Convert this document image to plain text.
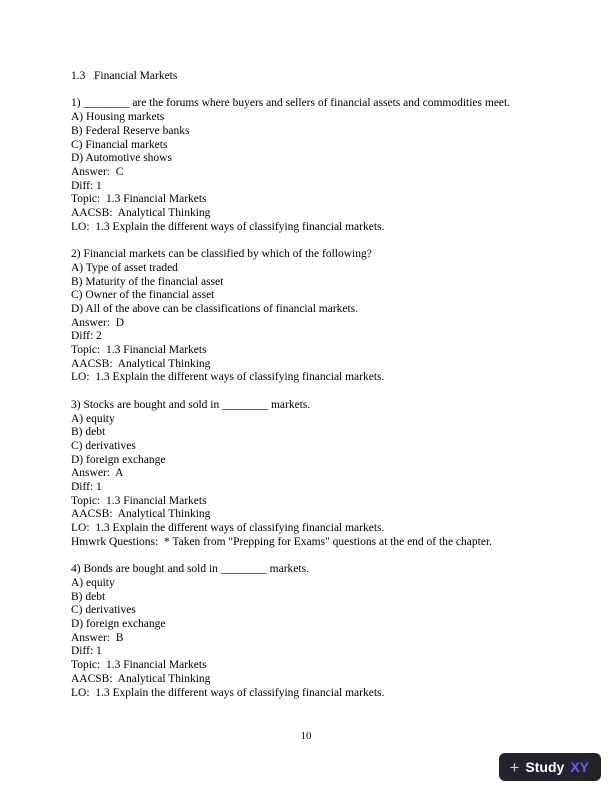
1.3   Financial Markets
1) ________ are the forums where buyers and sellers of financial assets and commodities meet.
A) Housing markets
B) Federal Reserve banks
C) Financial markets
D) Automotive shows
Answer:  C
Diff: 1
Topic:  1.3 Financial Markets
AACSB:  Analytical Thinking
LO:  1.3 Explain the different ways of classifying financial markets.
2) Financial markets can be classified by which of the following?
A) Type of asset traded
B) Maturity of the financial asset
C) Owner of the financial asset
D) All of the above can be classifications of financial markets.
Answer:  D
Diff: 2
Topic:  1.3 Financial Markets
AACSB:  Analytical Thinking
LO:  1.3 Explain the different ways of classifying financial markets.
3) Stocks are bought and sold in ________ markets.
A) equity
B) debt
C) derivatives
D) foreign exchange
Answer:  A
Diff: 1
Topic:  1.3 Financial Markets
AACSB:  Analytical Thinking
LO:  1.3 Explain the different ways of classifying financial markets.
Hmwrk Questions:  * Taken from "Prepping for Exams" questions at the end of the chapter.
4) Bonds are bought and sold in ________ markets.
A) equity
B) debt
C) derivatives
D) foreign exchange
Answer:  B
Diff: 1
Topic:  1.3 Financial Markets
AACSB:  Analytical Thinking
LO:  1.3 Explain the different ways of classifying financial markets.
10
+ Study XY
